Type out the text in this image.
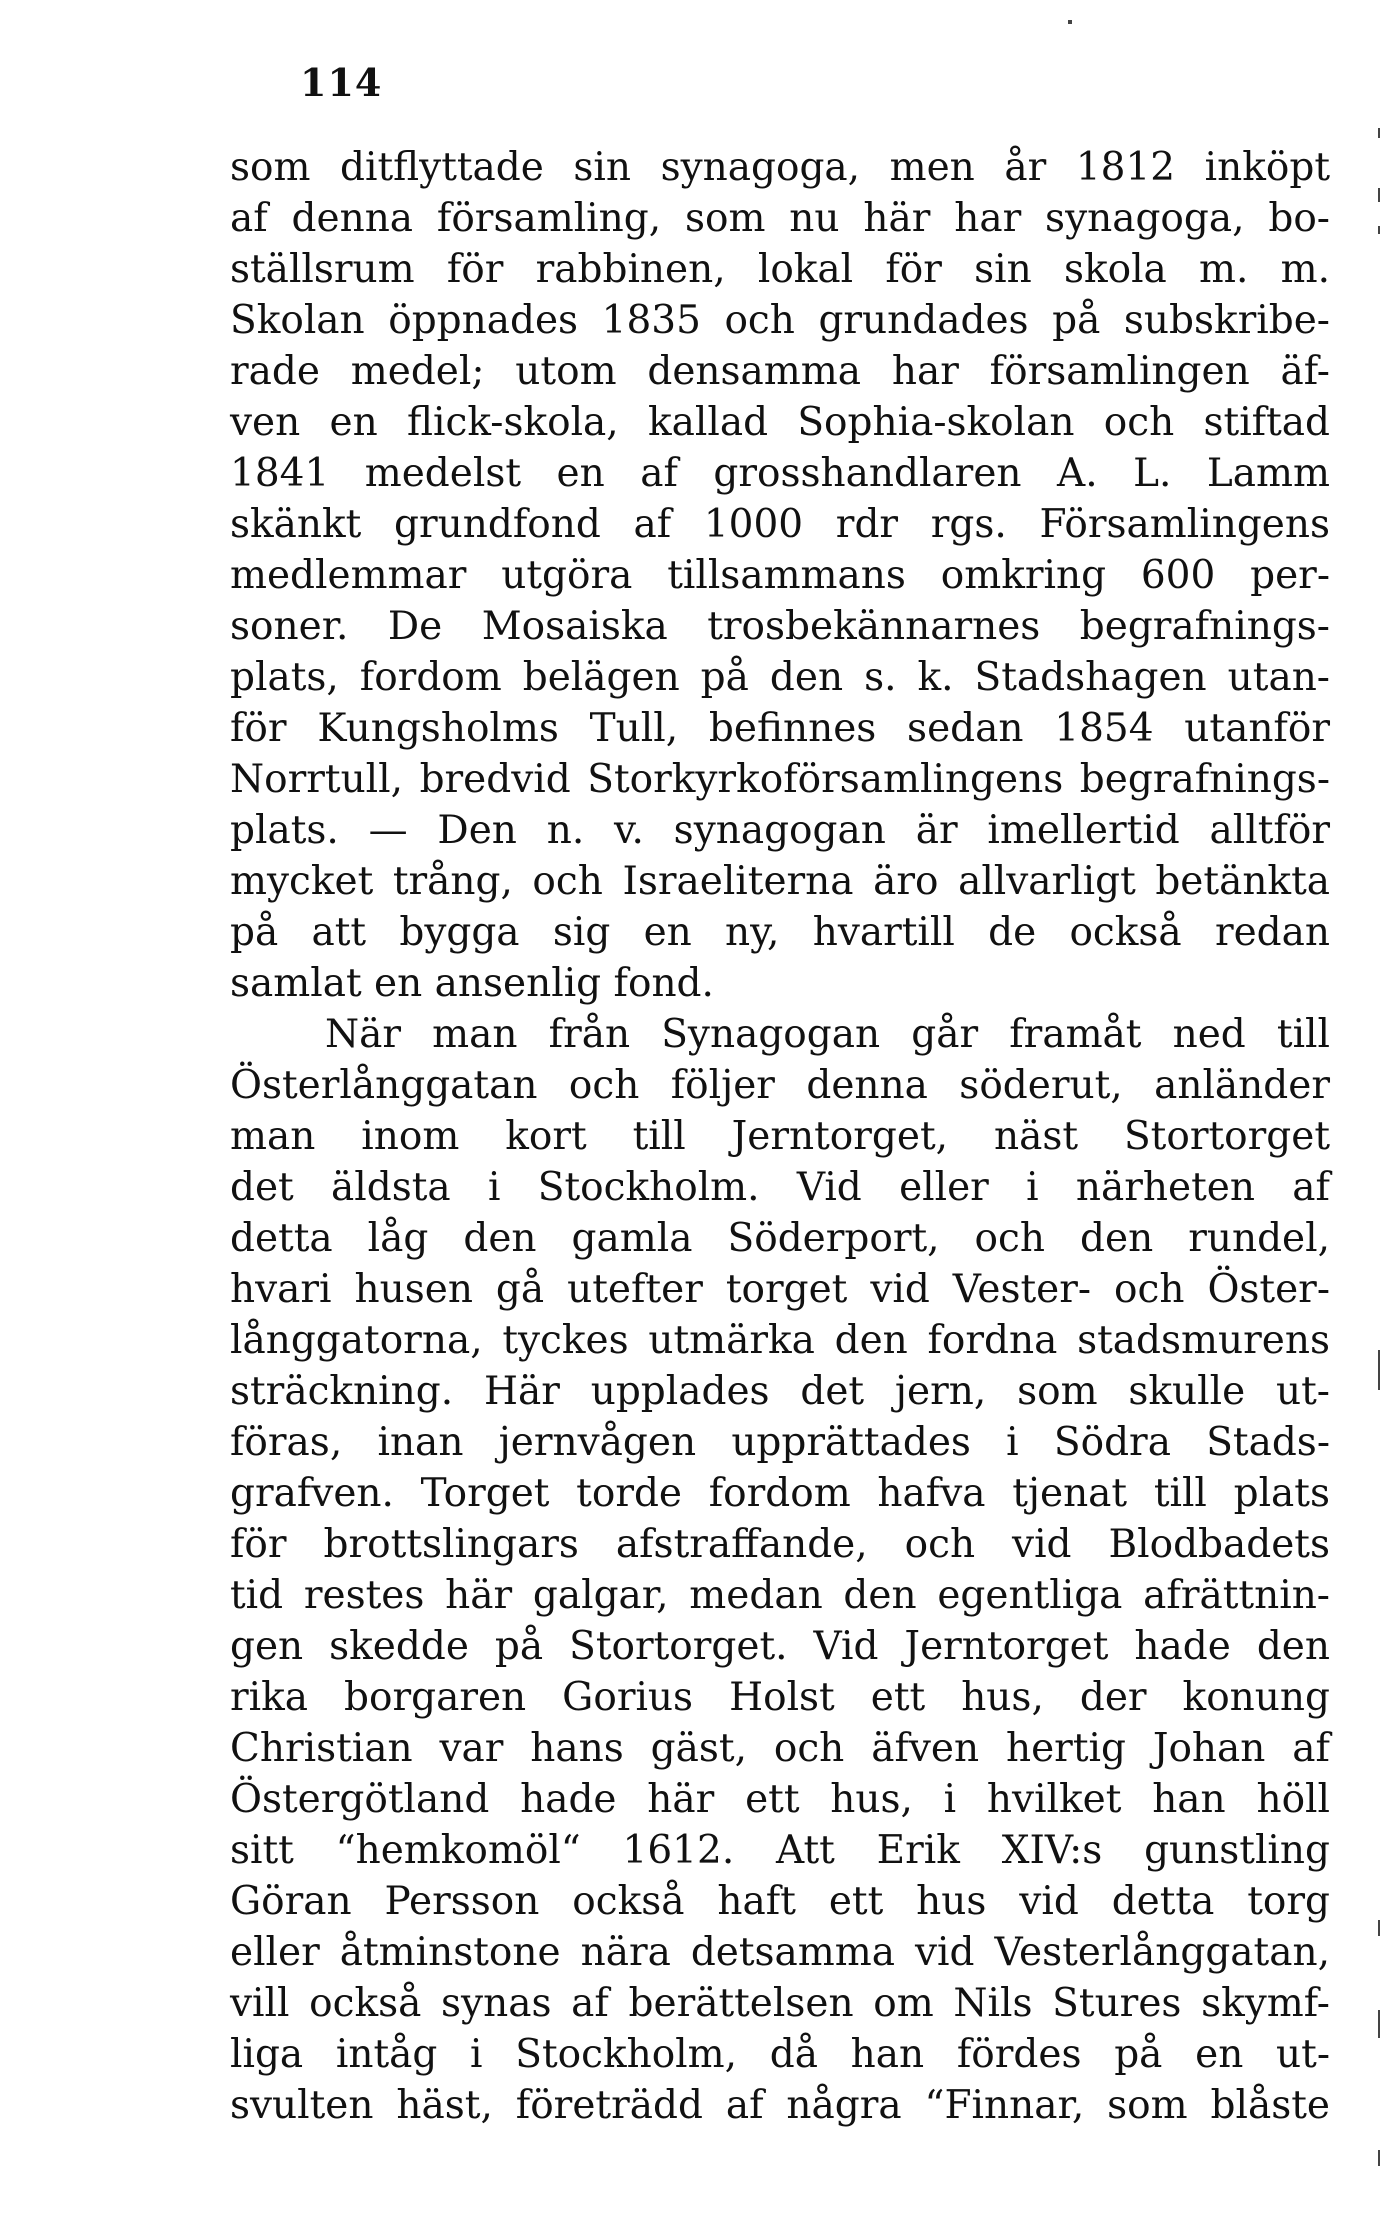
114
som ditflyttade sin synagoga, men år 1812 inköpt
af denna församling, som nu här har synagoga, bo-
ställsrum för rabbinen, lokal för sin skola m. m.
Skolan öppnades 1835 och grundades på subskribe-
rade medel; utom densamma har församlingen äf-
ven en flick-skola, kallad Sophia-skolan och stiftad
1841 medelst en af grosshandlaren A. L. Lamm
skänkt grundfond af 1000 rdr rgs. Församlingens
medlemmar utgöra tillsammans omkring 600 per-
soner. De Mosaiska trosbekännarnes begrafnings-
plats, fordom belägen på den s. k. Stadshagen utan-
för Kungsholms Tull, befinnes sedan 1854 utanför
Norrtull, bredvid Storkyrkoförsamlingens begrafnings-
plats. — Den n. v. synagogan är imellertid alltför
mycket trång, och Israeliterna äro allvarligt betänkta
på att bygga sig en ny, hvartill de också redan
samlat en ansenlig fond.
När man från Synagogan går framåt ned till
Österlånggatan och följer denna söderut, anländer
man inom kort till Jerntorget, näst Stortorget
det äldsta i Stockholm. Vid eller i närheten af
detta låg den gamla Söderport, och den rundel,
hvari husen gå utefter torget vid Vester- och Öster-
långgatorna, tyckes utmärka den fordna stadsmurens
sträckning. Här upplades det jern, som skulle ut-
föras, inan jernvågen upprättades i Södra Stads-
grafven. Torget torde fordom hafva tjenat till plats
för brottslingars afstraffande, och vid Blodbadets
tid restes här galgar, medan den egentliga afrättnin-
gen skedde på Stortorget. Vid Jerntorget hade den
rika borgaren Gorius Holst ett hus, der konung
Christian var hans gäst, och äfven hertig Johan af
Östergötland hade här ett hus, i hvilket han höll
sitt “hemkomöl“ 1612. Att Erik XIV:s gunstling
Göran Persson också haft ett hus vid detta torg
eller åtminstone nära detsamma vid Vesterlånggatan,
vill också synas af berättelsen om Nils Stures skymf-
liga intåg i Stockholm, då han fördes på en ut-
svulten häst, företrädd af några “Finnar, som blåste
